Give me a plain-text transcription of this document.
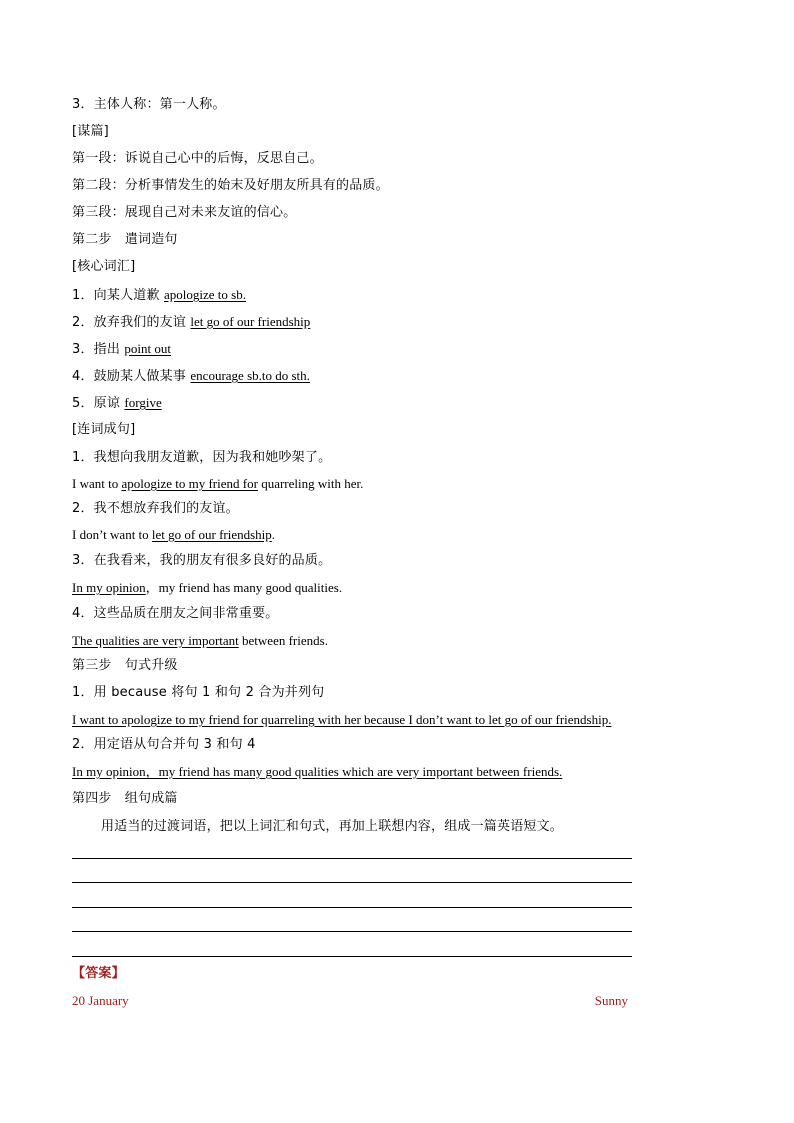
3．主体人称：第一人称。
[谋篇]
第一段：诉说自己心中的后悔，反思自己。
第二段：分析事情发生的始末及好朋友所具有的品质。
第三段：展现自己对未来友谊的信心。
第二步　遣词造句
[核心词汇]
1．向某人道歉 apologize to sb.
2．放弃我们的友谊 let go of our friendship
3．指出 point out
4．鼓励某人做某事 encourage sb.to do sth.
5．原谅 forgive
[连词成句]
1．我想向我朋友道歉，因为我和她吵架了。
I want to apologize to my friend for quarreling with her.
2．我不想放弃我们的友谊。
I don’t want to let go of our friendship.
3．在我看来，我的朋友有很多良好的品质。
In my opinion，my friend has many good qualities.
4．这些品质在朋友之间非常重要。
The qualities are very important between friends.
第三步　句式升级
1．用 because 将句 1 和句 2 合为并列句
I want to apologize to my friend for quarreling with her because I don’t want to let go of our friendship.
2．用定语从句合并句 3 和句 4
In my opinion，my friend has many good qualities which are very important between friends.
第四步　组句成篇
用适当的过渡词语，把以上词汇和句式，再加上联想内容，组成一篇英语短文。
【答案】
20 January	Sunny
